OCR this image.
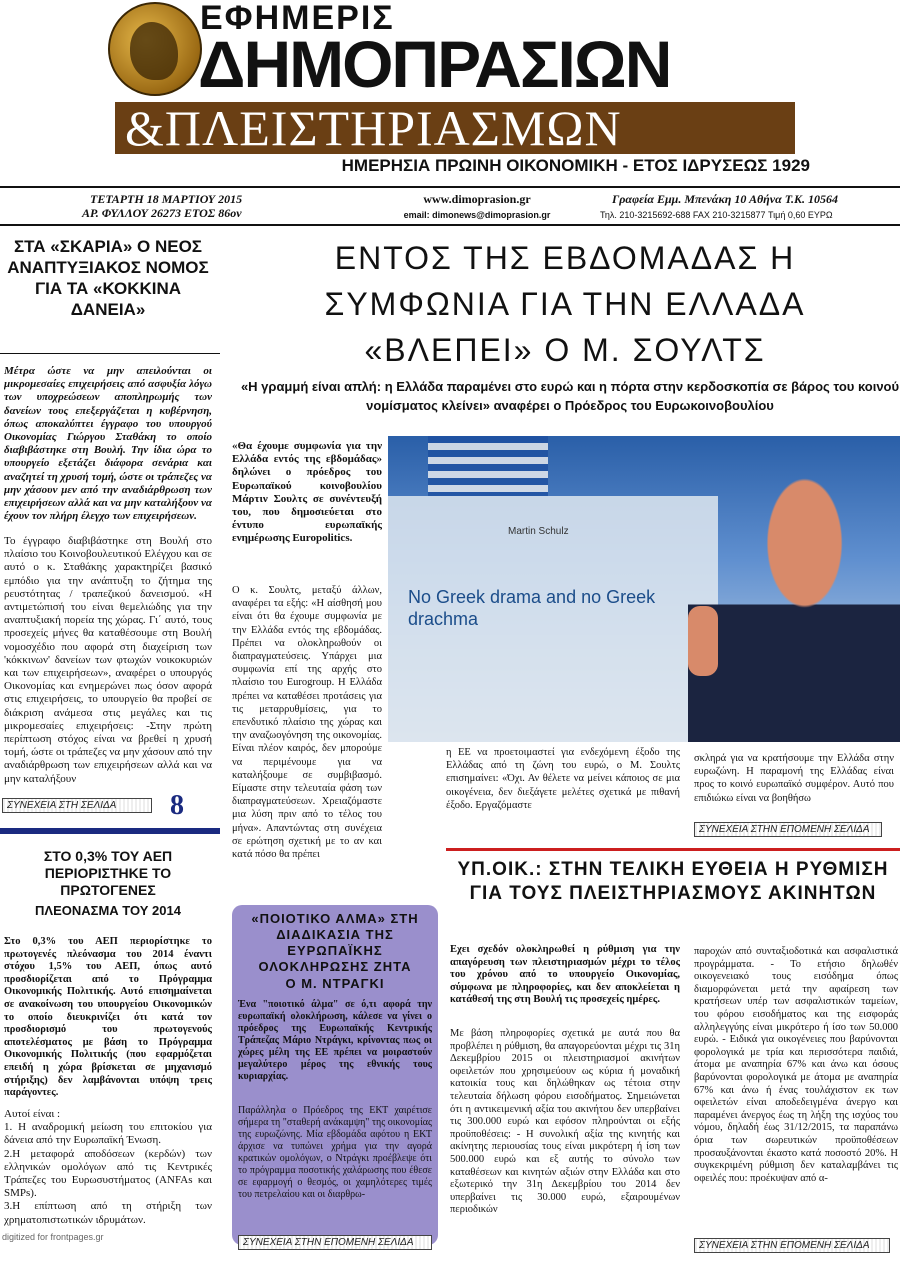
ΕΦΗΜΕΡΙΣ
ΔΗΜΟΠΡΑΣΙΩΝ
&ΠΛΕΙΣΤΗΡΙΑΣΜΩΝ
ΗΜΕΡΗΣΙΑ ΠΡΩΙΝΗ ΟΙΚΟΝΟΜΙΚΗ - ΕΤΟΣ ΙΔΡΥΣΕΩΣ 1929
ΤΕΤΑΡΤΗ 18 ΜΑΡΤΙΟΥ 2015
ΑΡ. ΦΥΛΛΟΥ 26273 ΕΤΟΣ 86ον
www.dimoprasion.gr
email: dimonews@dimoprasion.gr
Γραφεία Εμμ. Μπενάκη 10 Αθήνα Τ.Κ. 10564
Τηλ. 210-3215692-688 FAX 210-3215877 Τιμή 0,60 ΕΥΡΩ
ΣΤΑ «ΣΚΑΡΙΑ» Ο ΝΕΟΣ ΑΝΑΠΤΥΞΙΑΚΟΣ ΝΟΜΟΣ ΓΙΑ ΤΑ «ΚΟΚΚΙΝΑ ΔΑΝΕΙΑ»
Μέτρα ώστε να μην απειλούνται οι μικρομεσαίες επιχειρήσεις από ασφυξία λόγω των υποχρεώσεων αποπληρωμής των δανείων τους επεξεργάζεται η κυβέρνηση, όπως αποκαλύπτει έγγραφο του υπουργού Οικονομίας Γιώργου Σταθάκη το οποίο διαβιβάστηκε στη Βουλή. Την ίδια ώρα το υπουργείο εξετάζει διάφορα σενάρια και αναζητεί τη χρυσή τομή, ώστε οι τράπεζες να μην χάσουν μεν από την αναδιάρθρωση των επιχειρήσεων αλλά και να μην καταλήξουν να έχουν τον πλήρη έλεγχο των επιχειρήσεων.
Το έγγραφο διαβιβάστηκε στη Βουλή στο πλαίσιο του Κοινοβουλευτικού Ελέγχου και σε αυτό ο κ. Σταθάκης χαρακτηρίζει βασικό εμπόδιο για την ανάπτυξη το ζήτημα της ρευστότητας / τραπεζικού δανεισμού. «Η αντιμετώπισή του είναι θεμελιώδης για την αναπτυξιακή πορεία της χώρας. Γι΄ αυτό, τους προσεχείς μήνες θα καταθέσουμε στη Βουλή νομοσχέδιο που αφορά στη διαχείριση των 'κόκκινων' δανείων των φτωχών νοικοκυριών και των επιχειρήσεων», αναφέρει ο υπουργός Οικονομίας και ενημερώνει πως όσον αφορά στις επιχειρήσεις, το υπουργείο θα προβεί σε διάκριση ανάμεσα στις μεγάλες και τις μικρομεσαίες επιχειρήσεις: -Στην πρώτη περίπτωση στόχος είναι να βρεθεί η χρυσή τομή, ώστε οι τράπεζες να μην χάσουν από την αναδιάρθρωση των επιχειρήσεων αλλά και να μην καταλήξουν
ΣΥΝΕΧΕΙΑ ΣΤΗ ΣΕΛΙΔΑ	8
ΣΤΟ 0,3% ΤΟΥ ΑΕΠ ΠΕΡΙΟΡΙΣΤΗΚΕ ΤΟ ΠΡΩΤΟΓΕΝΕΣ
ΠΛΕΟΝΑΣΜΑ ΤΟΥ 2014
Στο 0,3% του ΑΕΠ περιορίστηκε το πρωτογενές πλεόνασμα του 2014 έναντι στόχου 1,5% του ΑΕΠ, όπως αυτό προσδιορίζεται από το Πρόγραμμα Οικονομικής Πολιτικής. Αυτό επισημαίνεται σε ανακοίνωση του υπουργείου Οικονομικών το οποίο διευκρινίζει ότι κατά τον προσδιορισμό του πρωτογενούς αποτελέσματος με βάση το Πρόγραμμα Οικονομικής Πολιτικής (που εφαρμόζεται επειδή η χώρα βρίσκεται σε μηχανισμό στήριξης) δεν λαμβάνονται υπόψη τρεις παράγοντες.
Αυτοί είναι :
1. Η αναδρομική μείωση του επιτοκίου για δάνεια από την Ευρωπαϊκή Ένωση.
2.Η μεταφορά αποδόσεων (κερδών) των ελληνικών ομολόγων από τις Κεντρικές Τράπεζες του Ευρωσυστήματος (ANFAs και SMPs).
3.Η επίπτωση από τη στήριξη των χρηματοπιστωτικών ιδρυμάτων.
digitized for frontpages.gr
ΕΝΤΟΣ ΤΗΣ ΕΒΔΟΜΑΔΑΣ Η
ΣΥΜΦΩΝΙΑ ΓΙΑ ΤΗΝ ΕΛΛΑΔΑ
«ΒΛΕΠΕΙ» Ο Μ. ΣΟΥΛΤΣ
«Η γραμμή είναι απλή: η Ελλάδα παραμένει στο ευρώ και η πόρτα στην κερδοσκοπία σε βάρος του κοινού νομίσματος κλείνει» αναφέρει ο Πρόεδρος του Ευρωκοινοβουλίου
Martin Schulz
No Greek drama and no Greek drachma
«Θα έχουμε συμφωνία για την Ελλάδα εντός της εβδομάδας» δηλώνει ο πρόεδρος του Ευρωπαϊκού κοινοβουλίου Μάρτιν Σουλτς σε συνέντευξή του, που δημοσιεύεται στο έντυπο ευρωπαϊκής ενημέρωσης Europolitics.
Ο κ. Σουλτς, μεταξύ άλλων, αναφέρει τα εξής: «Η αίσθησή μου είναι ότι θα έχουμε συμφωνία με την Ελλάδα εντός της εβδομάδας. Πρέπει να ολοκληρωθούν οι διαπραγματεύσεις. Υπάρχει μια συμφωνία επί της αρχής στο πλαίσιο του Eurogroup. Η Ελλάδα πρέπει να καταθέσει προτάσεις για τις μεταρρυθμίσεις, για το επενδυτικό πλαίσιο της χώρας και την αναζωογόνηση της οικονομίας. Είναι πλέον καιρός, δεν μπορούμε να περιμένουμε για να καταλήξουμε σε συμβιβασμό. Είμαστε στην τελευταία φάση των διαπραγματεύσεων. Χρειαζόμαστε μια λύση πριν από το τέλος του μήνα». Απαντώντας στη συνέχεια σε ερώτηση σχετική με το αν και κατά πόσο θα πρέπει
η ΕΕ να προετοιμαστεί για ενδεχόμενη έξοδο της Ελλάδας από τη ζώνη του ευρώ, ο Μ. Σουλτς επισημαίνει: «Όχι. Αν θέλετε να μείνει κάποιος σε μια οικογένεια, δεν διεξάγετε μελέτες σχετικά με πιθανή έξοδο. Εργαζόμαστε
σκληρά για να κρατήσουμε την Ελλάδα στην ευρωζώνη. Η παραμονή της Ελλάδας είναι προς το κοινό ευρωπαϊκό συμφέρον. Αυτό που επιδιώκω είναι να βοηθήσω
ΣΥΝΕΧΕΙΑ ΣΤΗΝ ΕΠΟΜΕΝΗ ΣΕΛΙΔΑ
«ΠΟΙΟΤΙΚΟ ΑΛΜΑ» ΣΤΗ ΔΙΑΔΙΚΑΣΙΑ ΤΗΣ ΕΥΡΩΠΑΪΚΗΣ ΟΛΟΚΛΗΡΩΣΗΣ ΖΗΤΑ
Ο Μ. ΝΤΡΑΓΚΙ
Ένα "ποιοτικό άλμα" σε ό,τι αφορά την ευρωπαϊκή ολοκλήρωση, κάλεσε να γίνει ο πρόεδρος της Ευρωπαϊκής Κεντρικής Τράπεζας Μάριο Ντράγκι, κρίνοντας πως οι χώρες μέλη της ΕΕ πρέπει να μοιραστούν μεγαλύτερο μέρος της εθνικής τους κυριαρχίας.
Παράλληλα ο Πρόεδρος της ΕΚΤ χαιρέτισε σήμερα τη "σταθερή ανάκαμψη" της οικονομίας της ευρωζώνης. Μία εβδομάδα αφότου η ΕΚΤ άρχισε να τυπώνει χρήμα για την αγορά κρατικών ομολόγων, ο Ντράγκι προέβλεψε ότι το πρόγραμμα ποσοτικής χαλάρωσης που έθεσε σε εφαρμογή ο θεσμός, οι χαμηλότερες τιμές του πετρελαίου και οι διαρθρω-
ΣΥΝΕΧΕΙΑ ΣΤΗΝ ΕΠΟΜΕΝΗ ΣΕΛΙΔΑ
ΥΠ.ΟΙΚ.: ΣΤΗΝ ΤΕΛΙΚΗ ΕΥΘΕΙΑ Η ΡΥΘΜΙΣΗ ΓΙΑ ΤΟΥΣ ΠΛΕΙΣΤΗΡΙΑΣΜΟΥΣ ΑΚΙΝΗΤΩΝ
Εχει σχεδόν ολοκληρωθεί η ρύθμιση για την απαγόρευση των πλειστηριασμών μέχρι το τέλος του χρόνου από το υπουργείο Οικονομίας, σύμφωνα με πληροφορίες, και δεν αποκλείεται η κατάθεσή της στη Βουλή τις προσεχείς ημέρες.
Με βάση πληροφορίες σχετικά με αυτά που θα προβλέπει η ρύθμιση, θα απαγορεύονται μέχρι τις 31η Δεκεμβρίου 2015 οι πλειστηριασμοί ακινήτων οφειλετών που χρησιμεύουν ως κύρια ή μοναδική κατοικία τους και δηλώθηκαν ως τέτοια στην τελευταία δήλωση φόρου εισοδήματος. Σημειώνεται ότι η αντικειμενική αξία του ακινήτου δεν υπερβαίνει τις 300.000 ευρώ και εφόσον πληρούνται οι εξής προϋποθέσεις: - Η συνολική αξία της κινητής και ακίνητης περιουσίας τους είναι μικρότερη ή ίση των 500.000 ευρώ και εξ αυτής το σύνολο των καταθέσεων και κινητών αξιών στην Ελλάδα και στο εξωτερικό την 31η Δεκεμβρίου του 2014 δεν υπερβαίνει τις 30.000 ευρώ, εξαιρουμένων περιοδικών
παροχών από συνταξιοδοτικά και ασφαλιστικά προγράμματα. - Το ετήσιο δηλωθέν οικογενειακό τους εισόδημα όπως διαμορφώνεται μετά την αφαίρεση των κρατήσεων υπέρ των ασφαλιστικών ταμείων, του φόρου εισοδήματος και της εισφοράς αλληλεγγύης είναι μικρότερο ή ίσο των 50.000 ευρώ. - Ειδικά για οικογένειες που βαρύνονται φορολογικά με τρία και περισσότερα παιδιά, άτομα με αναπηρία 67% και άνω και όσους βαρύνονται φορολογικά με άτομα με αναπηρία 67% και άνω ή ένας τουλάχιστον εκ των οφειλετών είναι αποδεδειγμένα άνεργο και παραμένει άνεργος έως τη λήξη της ισχύος του νόμου, δηλαδή έως 31/12/2015, τα παραπάνω όρια των σωρευτικών προϋποθέσεων προσαυξάνονται έκαστο κατά ποσοστό 20%. Η συγκεκριμένη ρύθμιση δεν καταλαμβάνει τις οφειλές που: προέκυψαν από α-
ΣΥΝΕΧΕΙΑ ΣΤΗΝ ΕΠΟΜΕΝΗ ΣΕΛΙΔΑ
